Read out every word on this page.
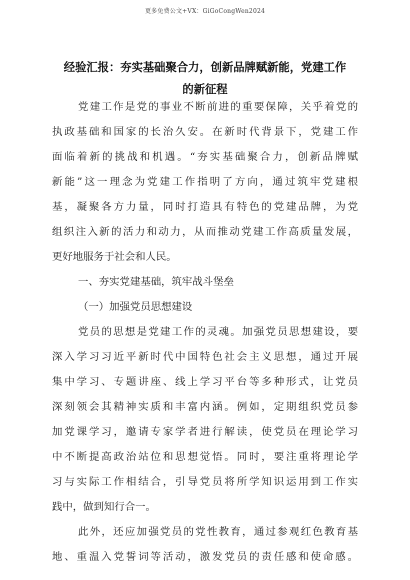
更多免费公文+VX：GiGoCongWen2024
经验汇报：夯实基础聚合力，创新品牌赋新能，党建工作
的新征程
党建工作是党的事业不断前进的重要保障，关乎着党的
执政基础和国家的长治久安。在新时代背景下，党建工作
面临着新的挑战和机遇。“夯实基础聚合力，创新品牌赋
新能”这一理念为党建工作指明了方向，通过筑牢党建根
基，凝聚各方力量，同时打造具有特色的党建品牌，为党
组织注入新的活力和动力，从而推动党建工作高质量发展，
更好地服务于社会和人民。
一、夯实党建基础，筑牢战斗堡垒
（一）加强党员思想建设
党员的思想是党建工作的灵魂。加强党员思想建设，要
深入学习习近平新时代中国特色社会主义思想，通过开展
集中学习、专题讲座、线上学习平台等多种形式，让党员
深刻领会其精神实质和丰富内涵。例如，定期组织党员参
加党课学习，邀请专家学者进行解读，使党员在理论学习
中不断提高政治站位和思想觉悟。同时，要注重将理论学
习与实际工作相结合，引导党员将所学知识运用到工作实
践中，做到知行合一。
此外，还应加强党员的党性教育，通过参观红色教育基
地、重温入党誓词等活动，激发党员的责任感和使命感。
